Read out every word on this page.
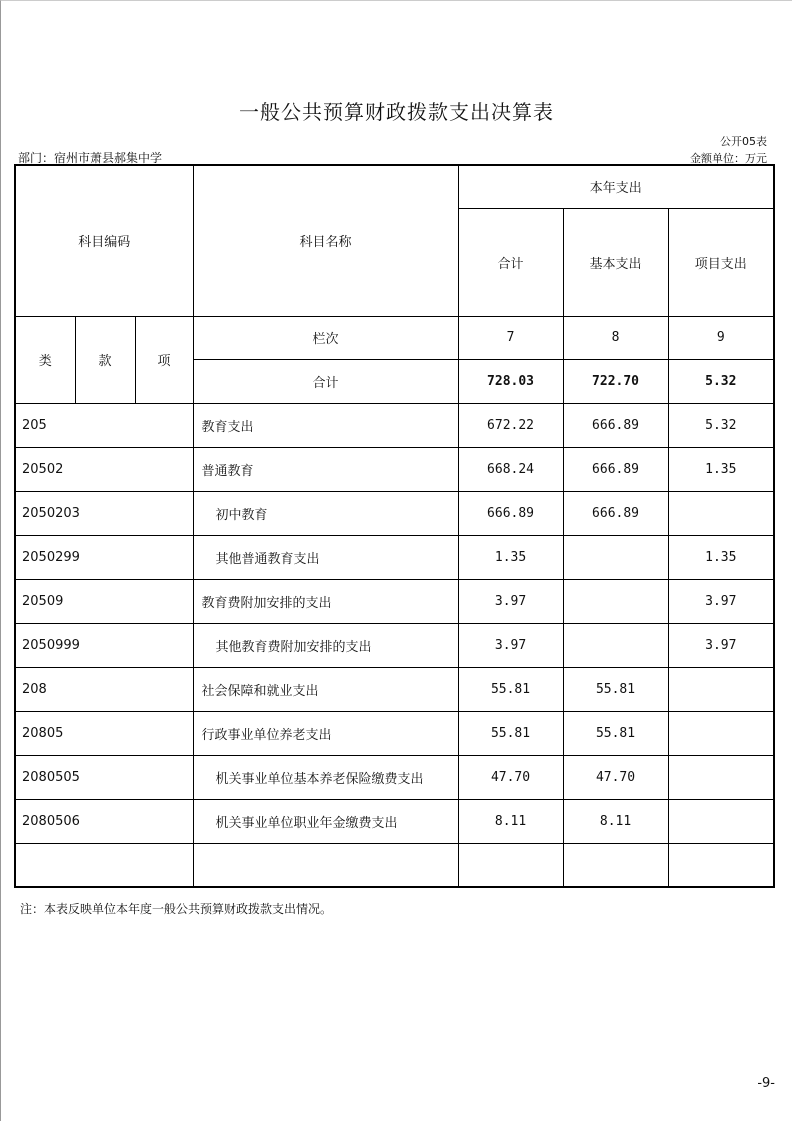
一般公共预算财政拨款支出决算表
公开05表
部门：宿州市萧县郝集中学	金额单位：万元
科目编码			科目名称	本年支出		
				合计	基本支出	项目支出

类	款	项	栏次	7	8	9
			合计	728.03	722.70	5.32
205			教育支出	672.22	666.89	5.32
20502			普通教育	668.24	666.89	1.35
2050203			初中教育	666.89	666.89	
2050299			其他普通教育支出	1.35		1.35
20509			教育费附加安排的支出	3.97		3.97
2050999			其他教育费附加安排的支出	3.97		3.97
208			社会保障和就业支出	55.81	55.81	
20805			行政事业单位养老支出	55.81	55.81	
2080505			机关事业单位基本养老保险缴费支出	47.70	47.70	
2080506			机关事业单位职业年金缴费支出	8.11	8.11	

注：本表反映单位本年度一般公共预算财政拨款支出情况。
-9-
